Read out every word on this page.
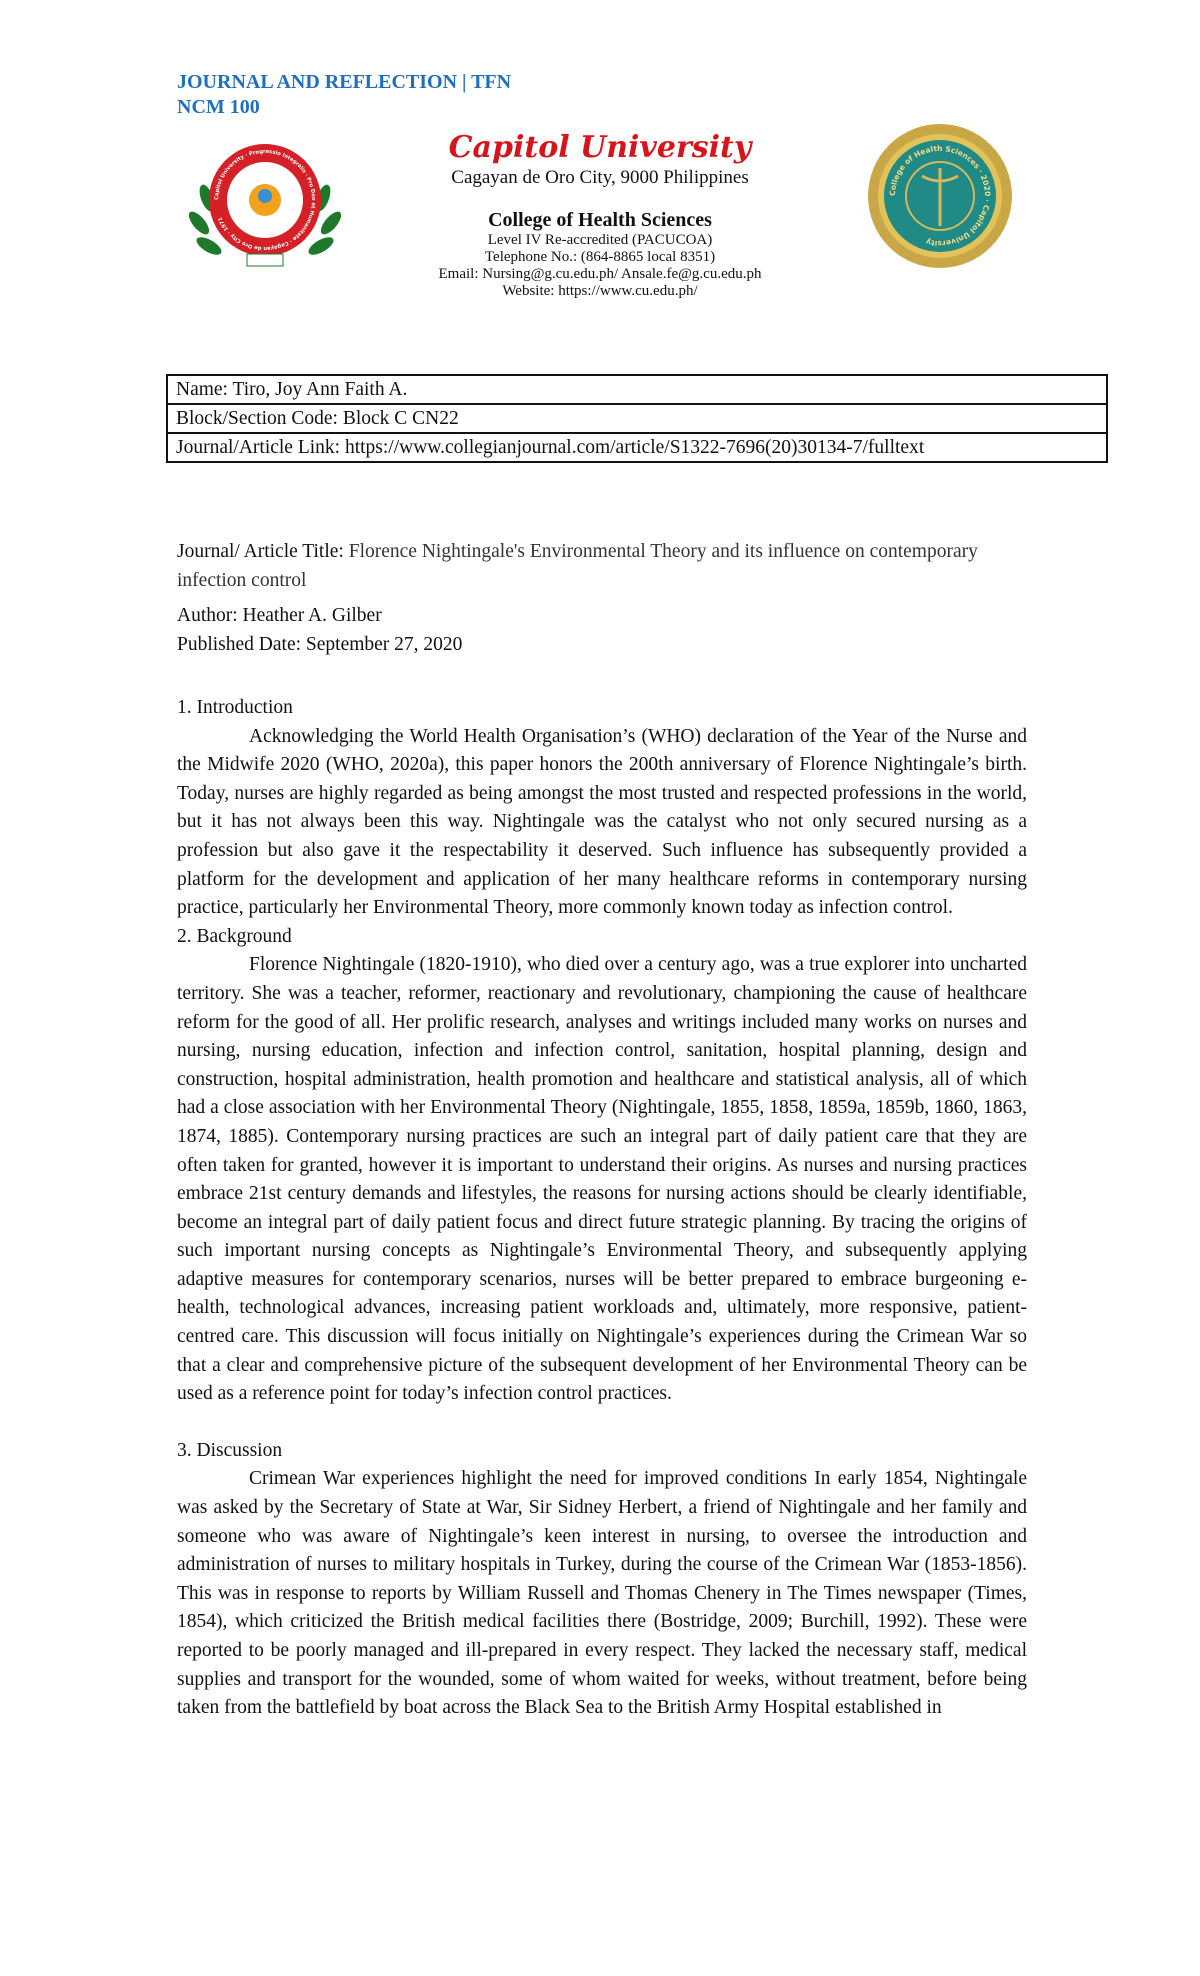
JOURNAL AND REFLECTION | TFN
NCM 100
Capitol University · Progressio Integralis · Pro Deo et Humanitate · Cagayan de Oro City · 1971
Capitol University
Cagayan de Oro City, 9000 Philippines
College of Health Sciences
Level IV Re-accredited (PACUCOA)
Telephone No.: (864-8865 local 8351)
Email: Nursing@g.cu.edu.ph/ Ansale.fe@g.cu.edu.ph
Website: https://www.cu.edu.ph/
College of Health Sciences · 2020 · Capitol University
Name: Tiro, Joy Ann Faith A.
Block/Section Code: Block C CN22
Journal/Article Link: https://www.collegianjournal.com/article/S1322-7696(20)30134-7/fulltext

Journal/ Article Title: Florence Nightingale's Environmental Theory and its influence on contemporary infection control

Author: Heather A. Gilber

Published Date: September 27, 2020

1. Introduction

Acknowledging the World Health Organisation’s (WHO) declaration of the Year of the Nurse and the Midwife 2020 (WHO, 2020a), this paper honors the 200th anniversary of Florence Nightingale’s birth. Today, nurses are highly regarded as being amongst the most trusted and respected professions in the world, but it has not always been this way. Nightingale was the catalyst who not only secured nursing as a profession but also gave it the respectability it deserved. Such influence has subsequently provided a platform for the development and application of her many healthcare reforms in contemporary nursing practice, particularly her Environmental Theory, more commonly known today as infection control.

2. Background

Florence Nightingale (1820-1910), who died over a century ago, was a true explorer into uncharted territory. She was a teacher, reformer, reactionary and revolutionary, championing the cause of healthcare reform for the good of all. Her prolific research, analyses and writings included many works on nurses and nursing, nursing education, infection and infection control, sanitation, hospital planning, design and construction, hospital administration, health promotion and healthcare and statistical analysis, all of which had a close association with her Environmental Theory (Nightingale, 1855, 1858, 1859a, 1859b, 1860, 1863, 1874, 1885). Contemporary nursing practices are such an integral part of daily patient care that they are often taken for granted, however it is important to understand their origins. As nurses and nursing practices embrace 21st century demands and lifestyles, the reasons for nursing actions should be clearly identifiable, become an integral part of daily patient focus and direct future strategic planning. By tracing the origins of such important nursing concepts as Nightingale’s Environmental Theory, and subsequently applying adaptive measures for contemporary scenarios, nurses will be better prepared to embrace burgeoning e-health, technological advances, increasing patient workloads and, ultimately, more responsive, patient-centred care. This discussion will focus initially on Nightingale’s experiences during the Crimean War so that a clear and comprehensive picture of the subsequent development of her Environmental Theory can be used as a reference point for today’s infection control practices.

3. Discussion

Crimean War experiences highlight the need for improved conditions In early 1854, Nightingale was asked by the Secretary of State at War, Sir Sidney Herbert, a friend of Nightingale and her family and someone who was aware of Nightingale’s keen interest in nursing, to oversee the introduction and administration of nurses to military hospitals in Turkey, during the course of the Crimean War (1853-1856). This was in response to reports by William Russell and Thomas Chenery in The Times newspaper (Times, 1854), which criticized the British medical facilities there (Bostridge, 2009; Burchill, 1992). These were reported to be poorly managed and ill-prepared in every respect. They lacked the necessary staff, medical supplies and transport for the wounded, some of whom waited for weeks, without treatment, before being taken from the battlefield by boat across the Black Sea to the British Army Hospital established in
